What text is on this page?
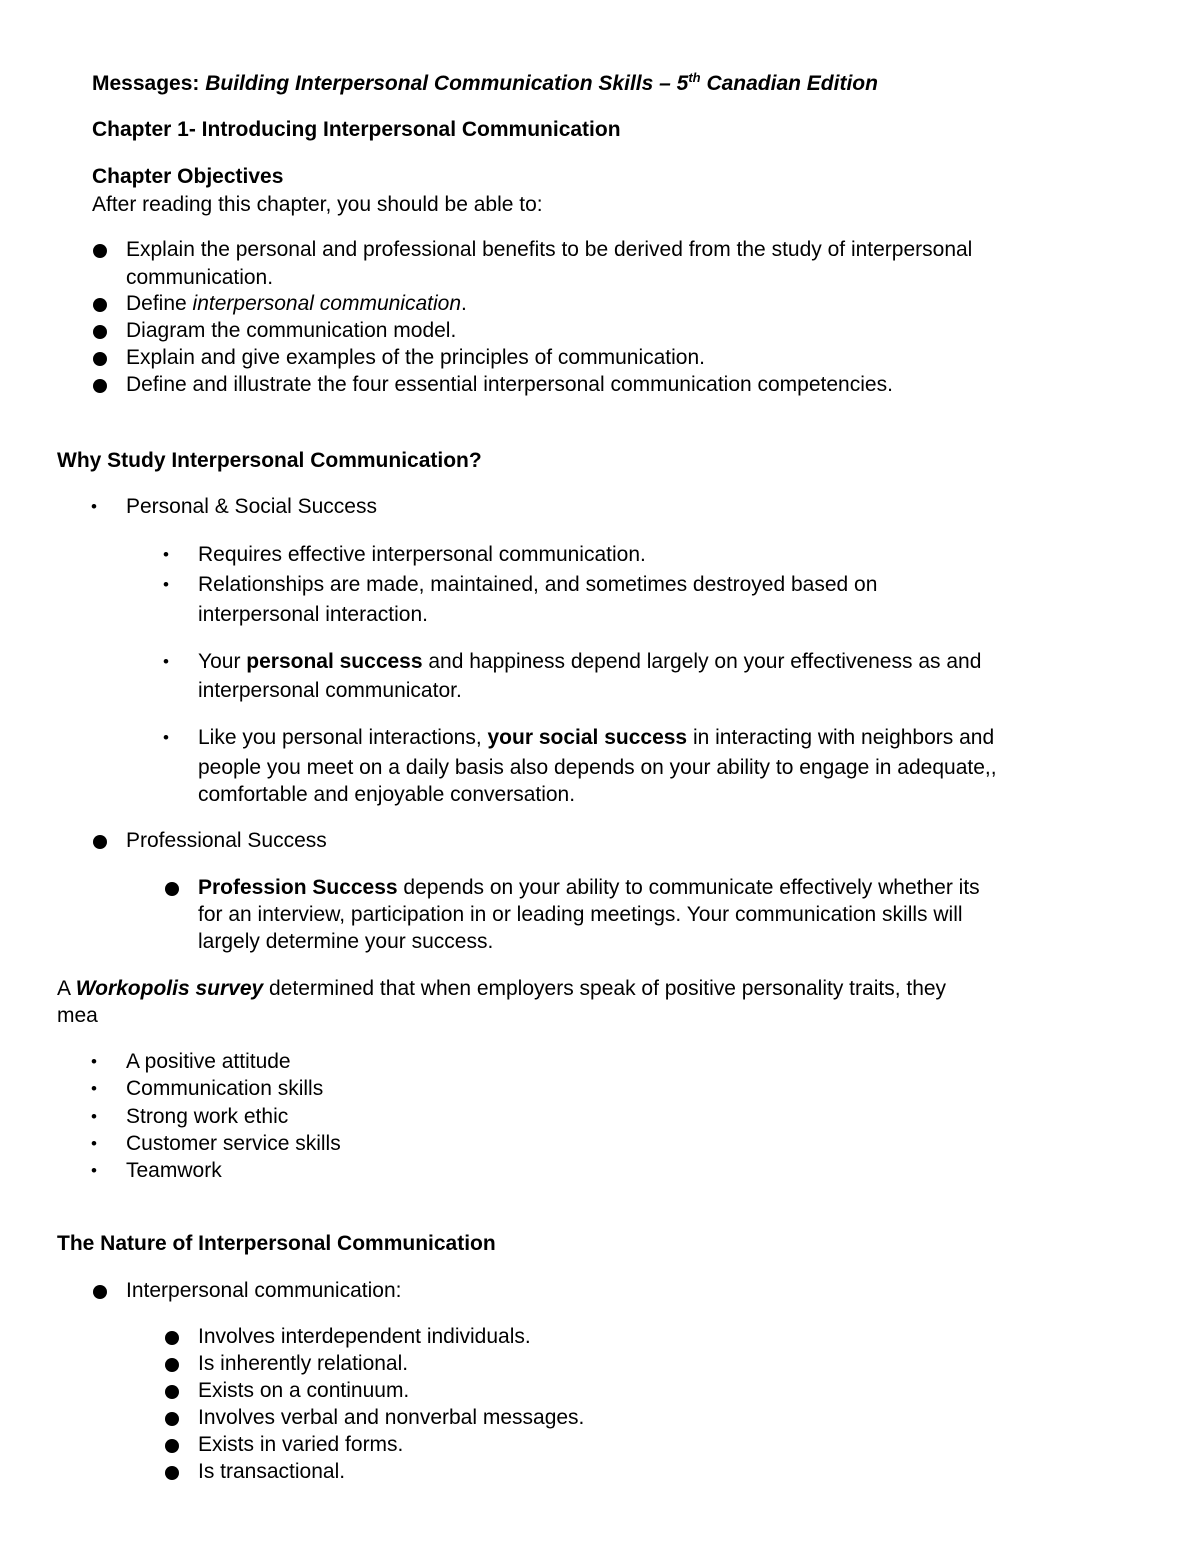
Messages: Building Interpersonal Communication Skills – 5th Canadian Edition
Chapter 1- Introducing Interpersonal Communication
Chapter Objectives
After reading this chapter, you should be able to:
Explain the personal and professional benefits to be derived from the study of interpersonal
communication.
Define interpersonal communication.
Diagram the communication model.
Explain and give examples of the principles of communication.
Define and illustrate the four essential interpersonal communication competencies.
Why Study Interpersonal Communication?
• Personal & Social Success
• Requires effective interpersonal communication.
• Relationships are made, maintained, and sometimes destroyed based on
interpersonal interaction.
• Your personal success and happiness depend largely on your effectiveness as and
interpersonal communicator.
• Like you personal interactions, your social success in interacting with neighbors and
people you meet on a daily basis also depends on your ability to engage in adequate,,
comfortable and enjoyable conversation.
Professional Success
Profession Success depends on your ability to communicate effectively whether its
for an interview, participation in or leading meetings. Your communication skills will
largely determine your success.
A Workopolis survey determined that when employers speak of positive personality traits, they
mea
• A positive attitude
• Communication skills
• Strong work ethic
• Customer service skills
• Teamwork
The Nature of Interpersonal Communication
Interpersonal communication:
Involves interdependent individuals.
Is inherently relational.
Exists on a continuum.
Involves verbal and nonverbal messages.
Exists in varied forms.
Is transactional.
